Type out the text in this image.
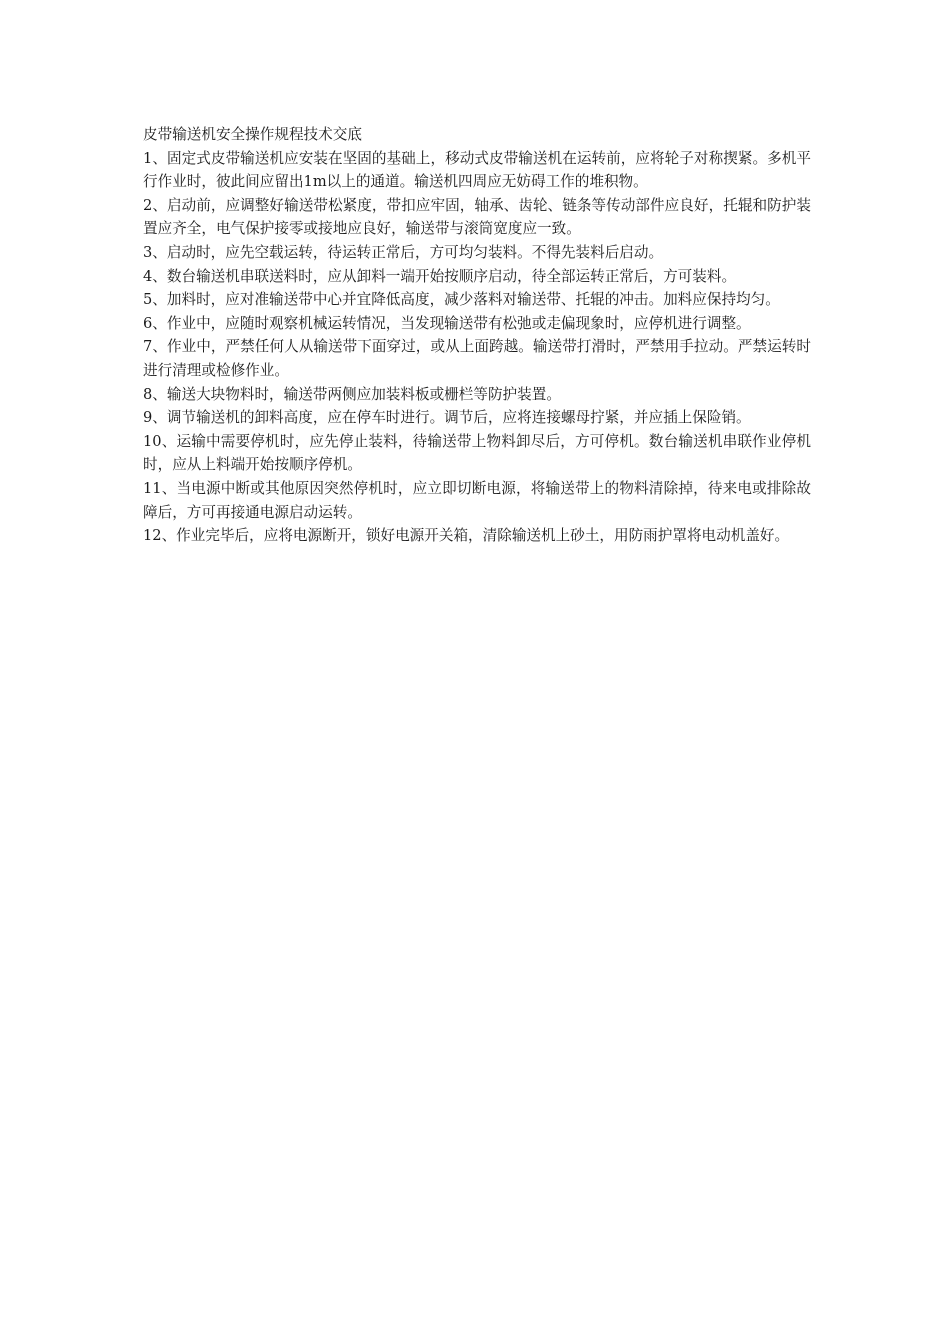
皮带输送机安全操作规程技术交底

1、固定式皮带输送机应安装在坚固的基础上，移动式皮带输送机在运转前，应将轮子对称揳紧。多机平行作业时，彼此间应留出1m以上的通道。输送机四周应无妨碍工作的堆积物。

2、启动前，应调整好输送带松紧度，带扣应牢固，轴承、齿轮、链条等传动部件应良好，托辊和防护装置应齐全，电气保护接零或接地应良好，输送带与滚筒宽度应一致。

3、启动时，应先空载运转，待运转正常后，方可均匀装料。不得先装料后启动。

4、数台输送机串联送料时，应从卸料一端开始按顺序启动，待全部运转正常后，方可装料。

5、加料时，应对准输送带中心并宜降低高度，减少落料对输送带、托辊的冲击。加料应保持均匀。

6、作业中，应随时观察机械运转情况，当发现输送带有松弛或走偏现象时，应停机进行调整。

7、作业中，严禁任何人从输送带下面穿过，或从上面跨越。输送带打滑时，严禁用手拉动。严禁运转时进行清理或检修作业。

8、输送大块物料时，输送带两侧应加装料板或栅栏等防护装置。

9、调节输送机的卸料高度，应在停车时进行。调节后，应将连接螺母拧紧，并应插上保险销。

10、运输中需要停机时，应先停止装料，待输送带上物料卸尽后，方可停机。数台输送机串联作业停机时，应从上料端开始按顺序停机。

11、当电源中断或其他原因突然停机时，应立即切断电源，将输送带上的物料清除掉，待来电或排除故障后，方可再接通电源启动运转。

12、作业完毕后，应将电源断开，锁好电源开关箱，清除输送机上砂土，用防雨护罩将电动机盖好。
